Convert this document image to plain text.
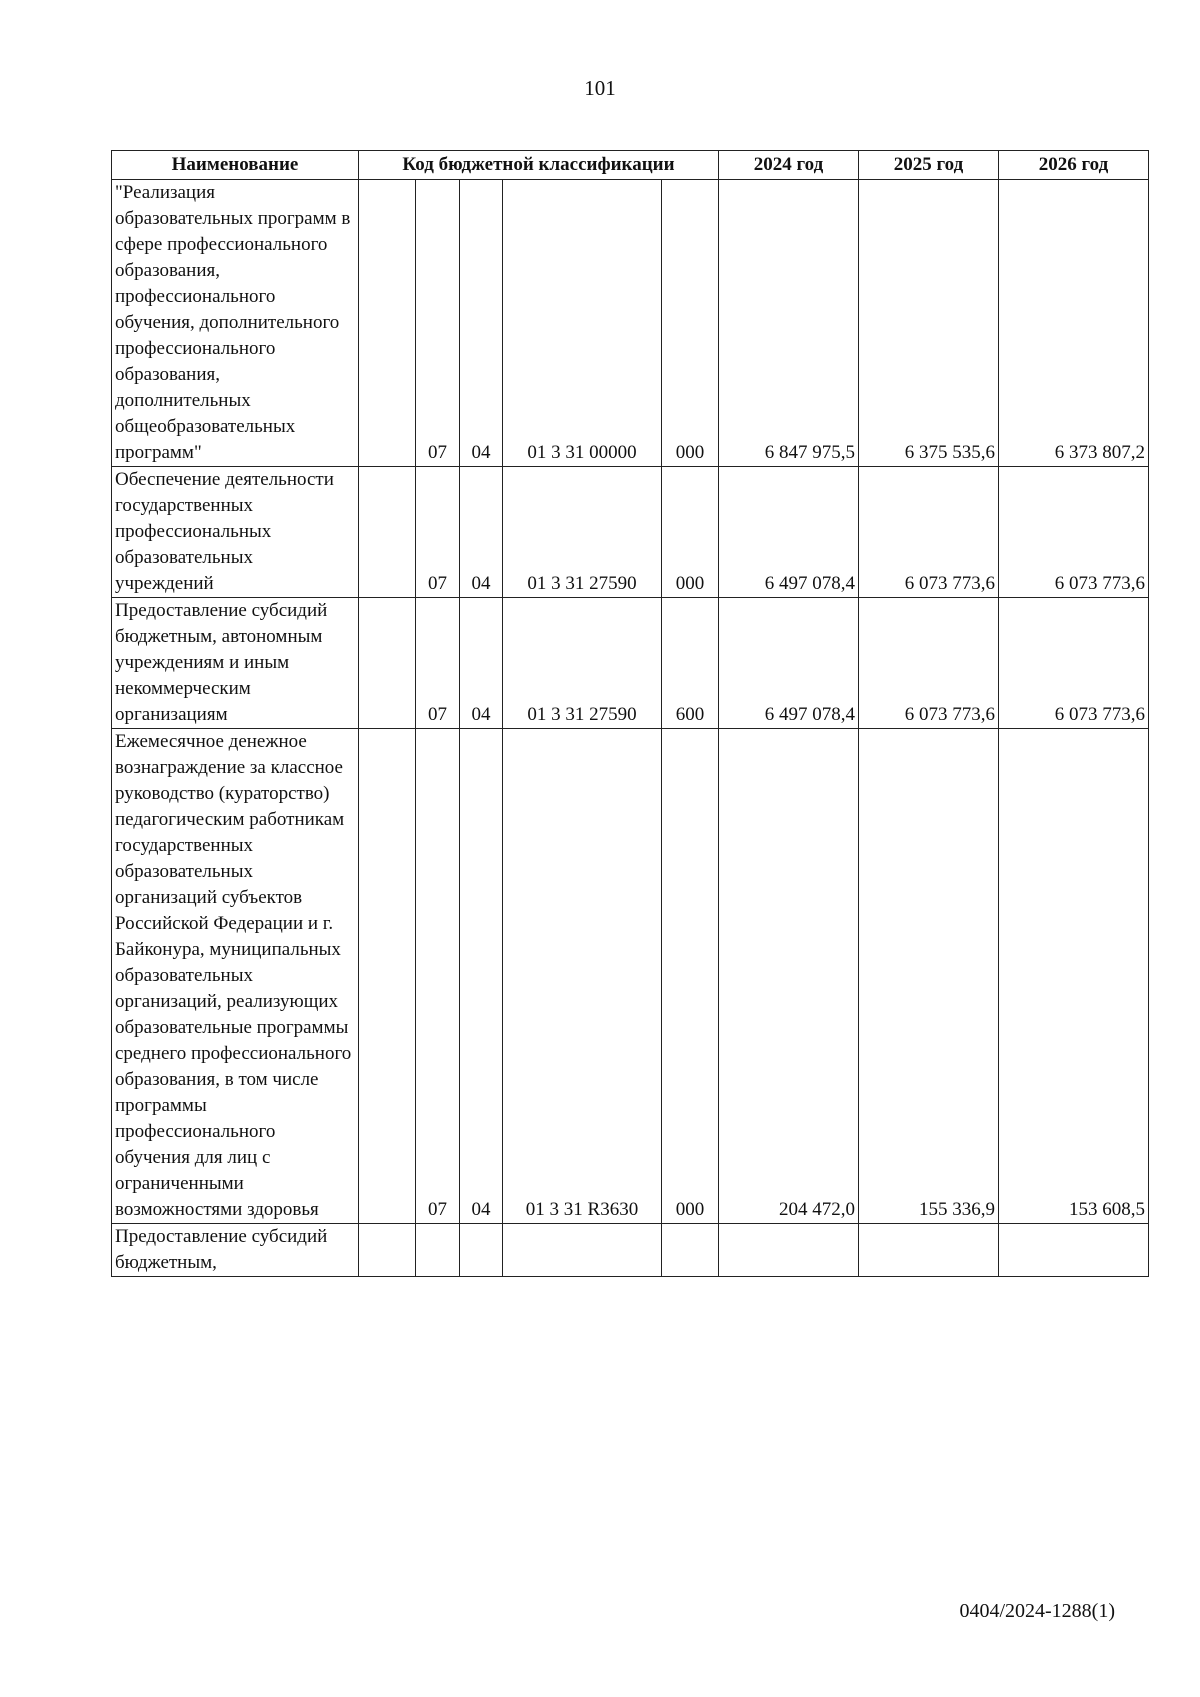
101
Наименование	Код бюджетной классификации					2024 год	2025 год	2026 год
"Реализация образовательных программ в сфере профессионального образования, профессионального обучения, дополнительного профессионального образования, дополнительных общеобразовательных программ"		07	04	01 3 31 00000	000	6 847 975,5	6 375 535,6	6 373 807,2
Обеспечение деятельности государственных профессиональных образовательных учреждений		07	04	01 3 31 27590	000	6 497 078,4	6 073 773,6	6 073 773,6
Предоставление субсидий бюджетным, автономным учреждениям и иным некоммерческим организациям		07	04	01 3 31 27590	600	6 497 078,4	6 073 773,6	6 073 773,6
Ежемесячное денежное вознаграждение за классное руководство (кураторство) педагогическим работникам государственных образовательных организаций субъектов Российской Федерации и г. Байконура, муниципальных образовательных организаций, реализующих образовательные программы среднего профессионального образования, в том числе программы профессионального обучения для лиц с ограниченными возможностями здоровья		07	04	01 3 31 R3630	000	204 472,0	155 336,9	153 608,5
Предоставление субсидий бюджетным,								
0404/2024-1288(1)
